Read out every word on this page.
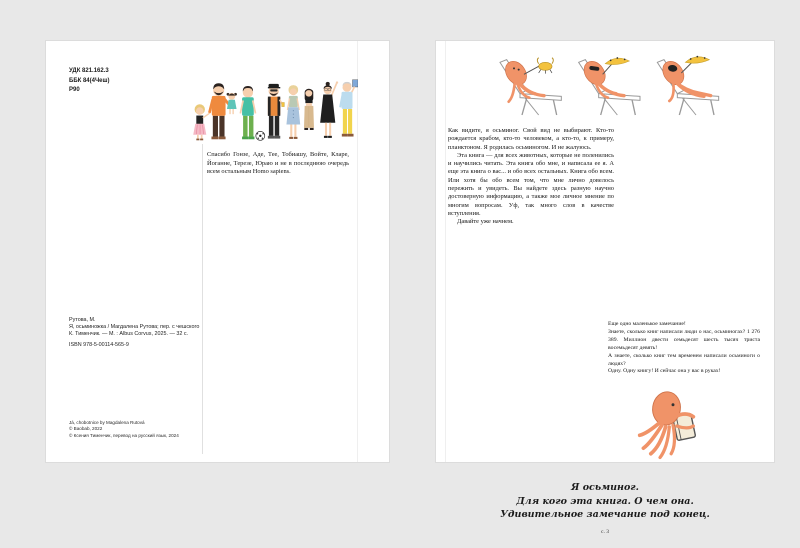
УДК 821.162.3
ББК 84(4Чеш)
Р90
Спасибо Гонзе, Аде, Тее, Тобиашу, Войте, Кларе, Йоганне, Терезе, Юраю и не в последнюю очередь всем остальным Homo sapiens.
Рутова, М.
Я, осьминожка / Магдалена Рутова; пер. с чешского
К. Тименчик. — М. : Albus Corvus, 2025. — 32 с.
ISBN 978-5-00114-565-9
Já, chobotnice by Magdalena Rutová
© Baobab, 2022
© Ксения Тименчик, перевод на русский язык, 2024

Как видите, я осьминог. Свой вид не выбирают. Кто-то рождается крабом, кто-то человеком, а кто-то, к примеру, планктоном. Я родилась осьминогом. И не жалуюсь.

Эта книга — для всех животных, которые не поленились и научились читать. Эта книга обо мне, и написала ее я. А еще эта книга о вас... и обо всех остальных. Книга обо всем. Или хотя бы обо всем том, что мне лично довелось пережить и увидеть. Вы найдете здесь разную научно достоверную информацию, а также мое личное мнение по многим вопросам. Уф, так много слов в качестве вступления.

Давайте уже начнем.

Еще одно маленькое замечание!

Знаете, сколько книг написали люди о нас, осьминогах? 1 276 389. Миллион двести семьдесят шесть тысяч триста восемьдесят девять!

А знаете, сколько книг тем временем написали осьминоги о людях?

Одну. Одну книгу! И сейчас она у вас в руках!

Я осьминог.
Для кого эта книга. О чем она.
Удивительное замечание под конец.
с. 3
